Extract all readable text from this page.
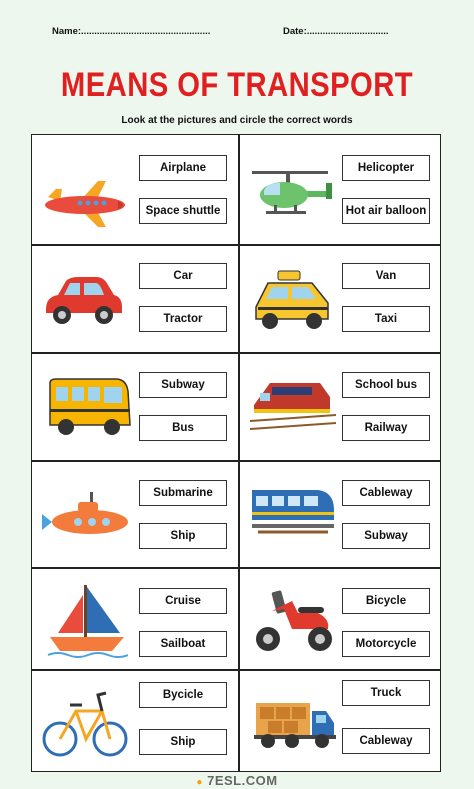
Name:.................................................	Date:...............................
MEANS OF TRANSPORT
Look at the pictures and circle the correct words
Airplane
Space shuttle
Helicopter
Hot air balloon
Car
Tractor
Van
Taxi
Subway
Bus
School bus
Railway
Submarine
Ship
Cableway
Subway
Cruise
Sailboat
Bicycle
Motorcycle
Bycicle
Ship
Truck
Cableway
● 7ESL.COM
